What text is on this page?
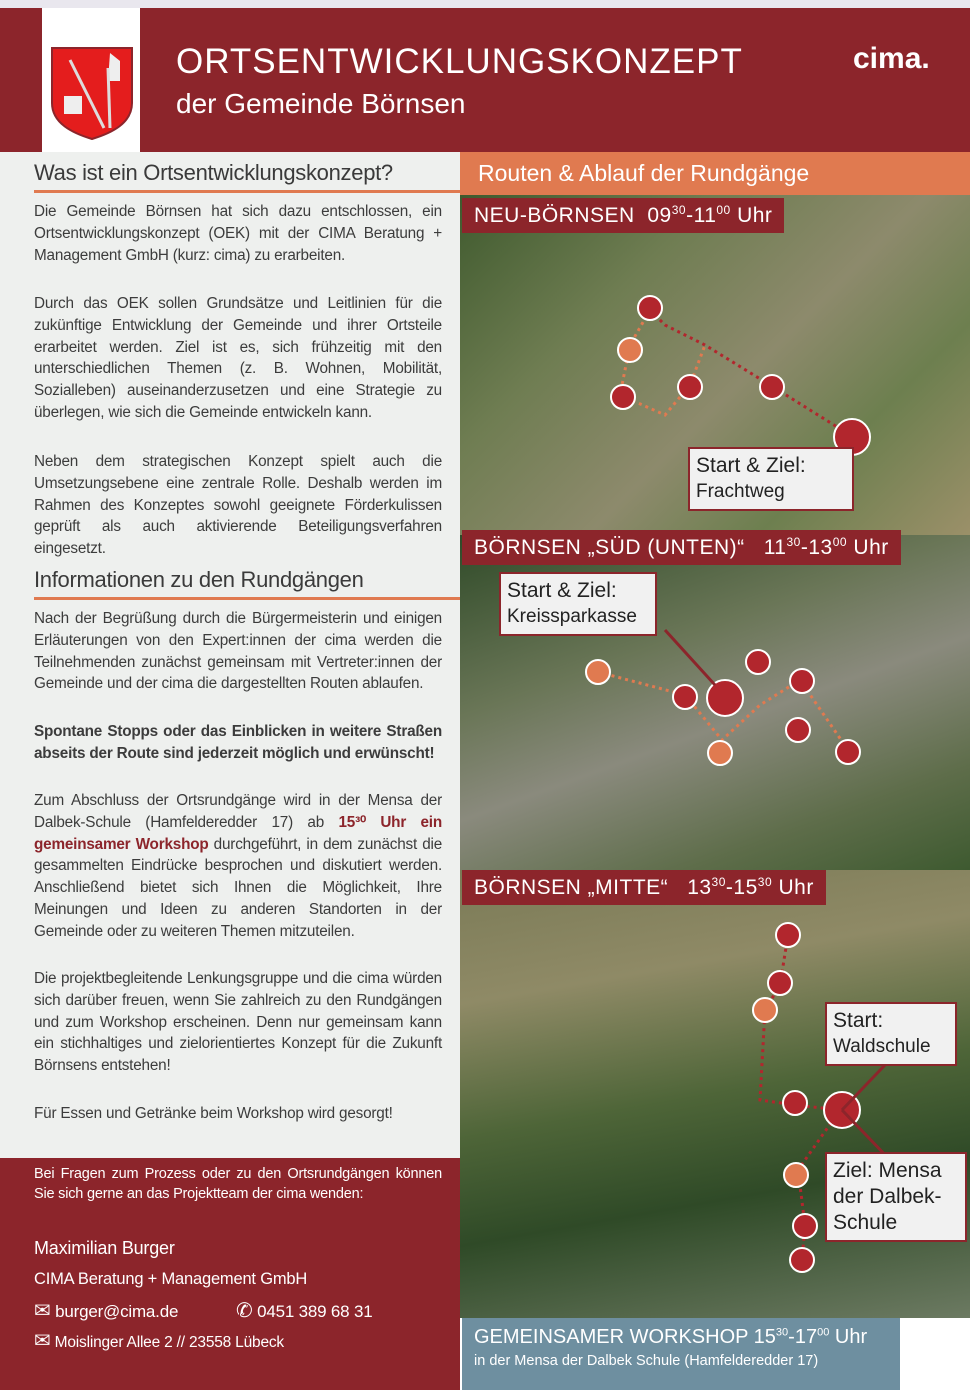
ORTSENTWICKLUNGSKONZEPT
der Gemeinde Börnsen
cima.
Was ist ein Ortsentwicklungskonzept?
Die Gemeinde Börnsen hat sich dazu entschlossen, ein Ortsentwicklungskonzept (OEK) mit der CIMA Beratung + Management GmbH (kurz: cima) zu erarbeiten.
Durch das OEK sollen Grundsätze und Leitlinien für die zukünftige Entwicklung der Gemeinde und ihrer Ortsteile erarbeitet werden. Ziel ist es, sich frühzeitig mit den unterschiedlichen Themen (z. B. Wohnen, Mobilität, Sozialleben) auseinanderzusetzen und eine Strategie zu überlegen, wie sich die Gemeinde entwickeln kann.
Neben dem strategischen Konzept spielt auch die Umsetzungsebene eine zentrale Rolle. Deshalb werden im Rahmen des Konzeptes sowohl geeignete Förderkulissen geprüft als auch aktivierende Beteiligungsverfahren eingesetzt.
Informationen zu den Rundgängen
Nach der Begrüßung durch die Bürgermeisterin und einigen Erläuterungen von den Expert:innen der cima werden die Teilnehmenden zunächst gemeinsam mit Vertreter:innen der Gemeinde und der cima die dargestellten Routen ablaufen.
Spontane Stopps oder das Einblicken in weitere Straßen abseits der Route sind jederzeit möglich und erwünscht!
Zum Abschluss der Ortsrundgänge wird in der Mensa der Dalbek-Schule (Hamfelderedder 17) ab 15³⁰ Uhr ein gemeinsamer Workshop durchgeführt, in dem zunächst die gesammelten Eindrücke besprochen und diskutiert werden. Anschließend bietet sich Ihnen die Möglichkeit, Ihre Meinungen und Ideen zu anderen Standorten in der Gemeinde oder zu weiteren Themen mitzuteilen.
Die projektbegleitende Lenkungsgruppe und die cima würden sich darüber freuen, wenn Sie zahlreich zu den Rundgängen und zum Workshop erscheinen. Denn nur gemeinsam kann ein stichhaltiges und zielorientiertes Konzept für die Zukunft Börnsens entstehen!
Für Essen und Getränke beim Workshop wird gesorgt!
Bei Fragen zum Prozess oder zu den Ortsrundgängen können Sie sich gerne an das Projektteam der cima wenden:
Maximilian Burger
CIMA Beratung + Management GmbH
✉ burger@cima.de	✆ 0451 389 68 31
✉ Moislinger Allee 2 // 23558 Lübeck
Routen & Ablauf der Rundgänge
NEU-BÖRNSEN $09^{30}-11^{00}$ Uhr
Start & Ziel:
Frachtweg
BÖRNSEN „SÜD (UNTEN)“ $11^{30}-13^{00}$ Uhr
Start & Ziel:
Kreissparkasse
BÖRNSEN „MITTE“ $13^{30}-15^{30}$ Uhr
Start:
Waldschule
Ziel: Mensa
der Dalbek-
Schule
GEMEINSAMER WORKSHOP $15^{30}-17^{00}$ Uhr
in der Mensa der Dalbek Schule (Hamfelderedder 17)
